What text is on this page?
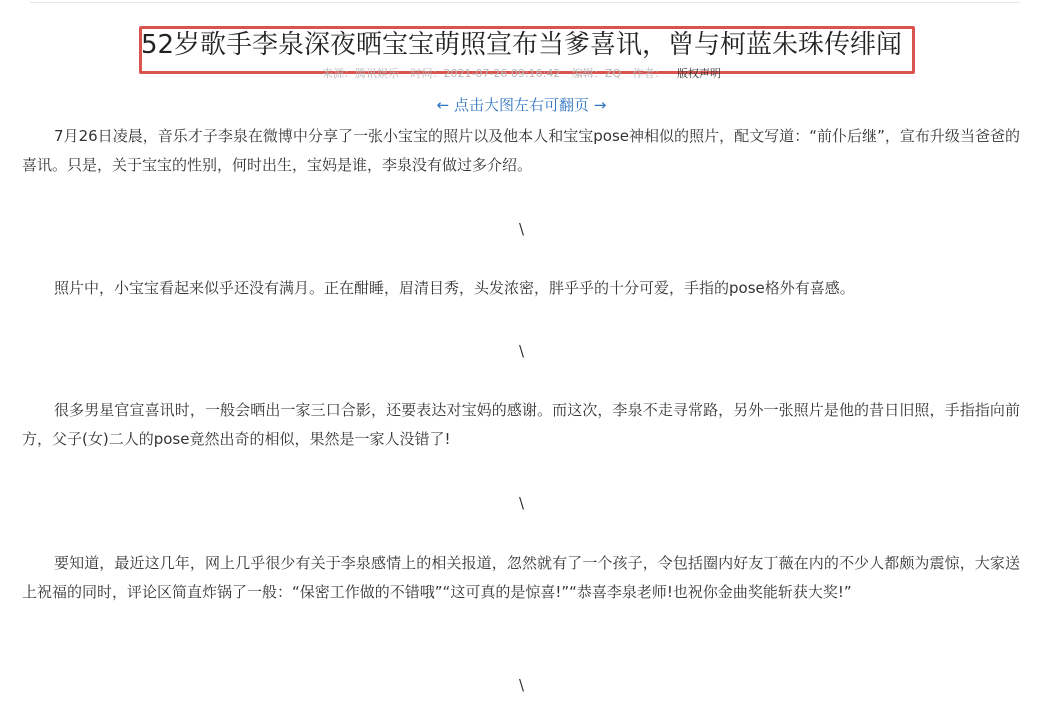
52岁歌手李泉深夜晒宝宝萌照宣布当爹喜讯，曾与柯蓝朱珠传绯闻
来源：腾讯娱乐 时间：2021-07-26 09:16:42 编辑：ZQ 作者： 版权声明
← 点击大图左右可翻页 →

7月26日凌晨，音乐才子李泉在微博中分享了一张小宝宝的照片以及他本人和宝宝pose神相似的照片，配文写道：“前仆后继”，宣布升级当爸爸的喜讯。只是，关于宝宝的性别，何时出生，宝妈是谁，李泉没有做过多介绍。

\

照片中，小宝宝看起来似乎还没有满月。正在酣睡，眉清目秀，头发浓密，胖乎乎的十分可爱，手指的pose格外有喜感。

\

很多男星官宣喜讯时，一般会晒出一家三口合影，还要表达对宝妈的感谢。而这次，李泉不走寻常路，另外一张照片是他的昔日旧照，手指指向前方，父子(女)二人的pose竟然出奇的相似，果然是一家人没错了!

\

要知道，最近这几年，网上几乎很少有关于李泉感情上的相关报道，忽然就有了一个孩子，令包括圈内好友丁薇在内的不少人都颇为震惊，大家送上祝福的同时，评论区简直炸锅了一般：“保密工作做的不错哦”“这可真的是惊喜!”“恭喜李泉老师!也祝你金曲奖能斩获大奖!”

\
